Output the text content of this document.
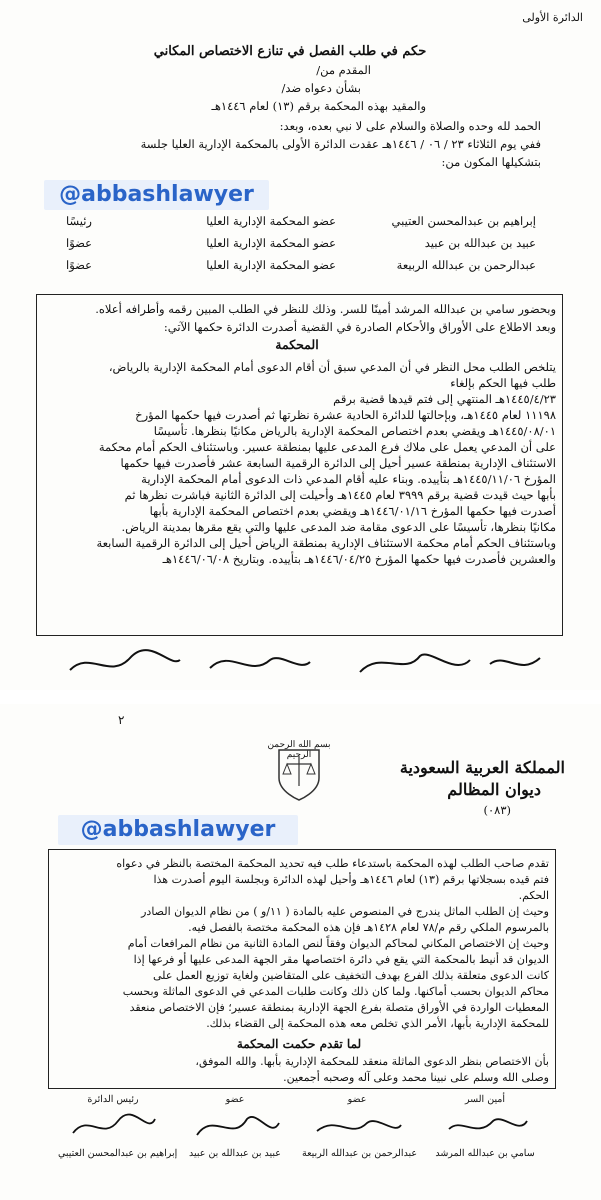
الدائرة الأولى
حكم في طلب الفصل في تنازع الاختصاص المكاني
المقدم من/
بشأن دعواه ضد/
والمقيد بهذه المحكمة برقم (١٣) لعام ١٤٤٦هـ
الحمد لله وحده والصلاة والسلام على لا نبي بعده، وبعد:
ففي يوم الثلاثاء ٢٣ / ٠٦ / ١٤٤٦هـ عقدت الدائرة الأولى بالمحكمة الإدارية العليا جلسة
بتشكيلها المكون من:
@abbashlawyer
إبراهيم بن عبدالمحسن العتيبي
عضو المحكمة الإدارية العليا
رئيسًا
عبيد بن عبدالله بن عبيد
عضو المحكمة الإدارية العليا
عضوًا
عبدالرحمن بن عبدالله الربيعة
عضو المحكمة الإدارية العليا
عضوًا
وبحضور سامي بن عبدالله المرشد أمينًا للسر. وذلك للنظر في الطلب المبين رقمه وأطرافه أعلاه.
وبعد الاطلاع على الأوراق والأحكام الصادرة في القضية أصدرت الدائرة حكمها الآتي:
المحكمة
يتلخص الطلب محل النظر في أن المدعي سبق أن أقام الدعوى أمام المحكمة الإدارية بالرياض،
طلب فيها الحكم بإلغاء
١٤٤٥/٤/٢٣هـ المنتهي إلى فتم قيدها قضية برقم
١١١٩٨ لعام ١٤٤٥هـ، وبإحالتها للدائرة الحادية عشرة نظرتها ثم أصدرت فيها حكمها المؤرخ
١٤٤٥/٠٨/٠١هـ ويقضي بعدم اختصاص المحكمة الإدارية بالرياض مكانيًا بنظرها. تأسيسًا
على أن المدعي يعمل على ملاك فرع المدعى عليها بمنطقة عسير. وباستئناف الحكم أمام محكمة
الاستئناف الإدارية بمنطقة عسير أحيل إلى الدائرة الرقمية السابعة عشر فأصدرت فيها حكمها
المؤرخ ١٤٤٥/١١/٠٦هـ بتأييده. وبناء عليه أقام المدعي ذات الدعوى أمام المحكمة الإدارية
بأبها حيث قيدت قضية برقم ٣٩٩٩ لعام ١٤٤٥هـ وأحيلت إلى الدائرة الثانية فباشرت نظرها ثم
أصدرت فيها حكمها المؤرخ ١٤٤٦/٠١/١٦هـ ويقضي بعدم اختصاص المحكمة الإدارية بأبها
مكانيًا بنظرها، تأسيسًا على الدعوى مقامة ضد المدعى عليها والتي يقع مقرها بمدينة الرياض.
وباستئناف الحكم أمام محكمة الاستئناف الإدارية بمنطقة الرياض أحيل إلى الدائرة الرقمية السابعة
والعشرين فأصدرت فيها حكمها المؤرخ ١٤٤٦/٠٤/٢٥هـ بتأييده. وبتاريخ ١٤٤٦/٠٦/٠٨هـ
٢
بسم الله الرحمن الرحيم
المملكة العربية السعودية
ديوان المظالم
(٠٨٣)
@abbashlawyer
تقدم صاحب الطلب لهذه المحكمة باستدعاء طلب فيه تحديد المحكمة المختصة بالنظر في دعواه
فتم قيده بسجلاتها برقم (١٣) لعام ١٤٤٦هـ وأحيل لهذه الدائرة وبجلسة اليوم أصدرت هذا
الحكم.
وحيث إن الطلب الماثل يندرج في المنصوص عليه بالمادة ( ١١/و ) من نظام الديوان الصادر
بالمرسوم الملكي رقم م/٧٨ لعام ١٤٢٨هـ فإن هذه المحكمة مختصة بالفصل فيه.
وحيث إن الاختصاص المكاني لمحاكم الديوان وفقاً لنص المادة الثانية من نظام المرافعات أمام
الديوان قد أنيط بالمحكمة التي يقع في دائرة اختصاصها مقر الجهة المدعى عليها أو فرعها إذا
كانت الدعوى متعلقة بذلك الفرع بهدف التخفيف على المتقاضين ولغاية توزيع العمل على
محاكم الديوان بحسب أماكنها. ولما كان ذلك وكانت طلبات المدعي في الدعوى الماثلة وبحسب
المعطيات الواردة في الأوراق متصلة بفرع الجهة الإدارية بمنطقة عسير؛ فإن الاختصاص منعقد
للمحكمة الإدارية بأبها، الأمر الذي تخلص معه هذه المحكمة إلى القضاء بذلك.
لما تقدم حكمت المحكمة
بأن الاختصاص بنظر الدعوى الماثلة منعقد للمحكمة الإدارية بأبها. والله الموفق،
وصلى الله وسلم على نبينا محمد وعلى آله وصحبه أجمعين.
رئيس الدائرة
إبراهيم بن عبدالمحسن العتيبي
عضو
عبيد بن عبدالله بن عبيد
عضو
عبدالرحمن بن عبدالله الربيعة
أمين السر
سامي بن عبدالله المرشد
